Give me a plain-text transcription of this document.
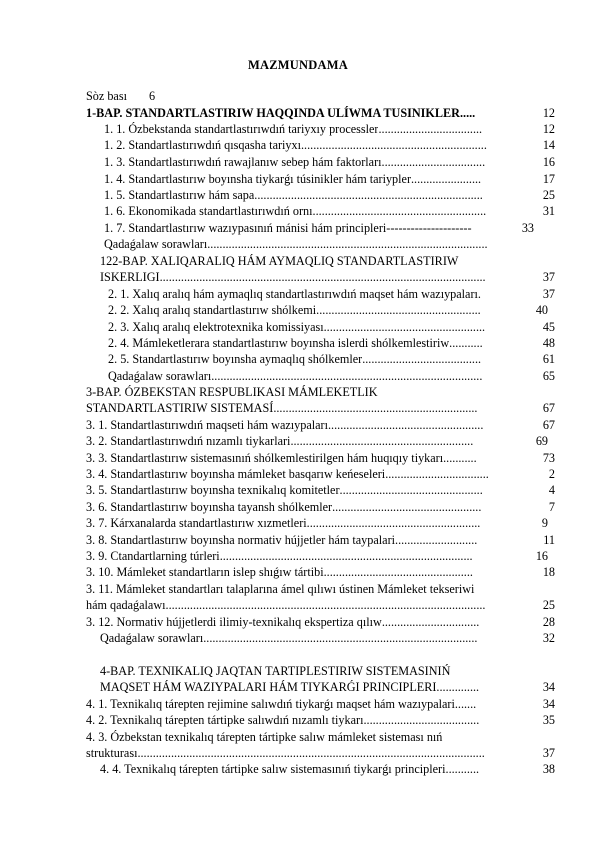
MAZMUNDAMA
Sòz bası 6
1-BAP. STANDARTLASTIRIW HAQQINDA ULÍWMA TUSINIKLER .....	12
1. 1. Ózbekstanda standartlastırıwdıń tariyxıy processler ..................................	12
1. 2. Standartlastırıwdıń qısqasha tariyxı .............................................................	14
1. 3. Standartlastırıwdıń rawajlanıw sebep hám faktorları ..................................	16
1. 4. Standartlastırıw boyınsha tiykarǵı túsinikler hám tariypler .......................	17
1. 5. Standartlastırıw hám sapa ...........................................................................	25
1. 6. Ekonomikada standartlastırıwdıń ornı .........................................................	31
1. 7. Standartlastırıw wazıypasınıń mánisi hám principleri ---------------------	33
Qadaǵalaw sorawları ............................................................................................
122-BAP. XALIQARALIQ HÁM AYMAQLIQ STANDARTLASTIRIW
ISKERLIGI ...........................................................................................................	37
2. 1. Xalıq aralıq hám aymaqlıq standartlastırıwdıń maqset hám wazıypaları.	37
2. 2. Xalıq aralıq standartlastırıw shólkemi ......................................................	40
2. 3. Xalıq aralıq elektrotexnika komissiyası .....................................................	45
2. 4. Mámleketlerara standartlastırıw boyınsha islerdi shólkemlestiriw ...........	48
2. 5. Standartlastırıw boyınsha aymaqlıq shólkemler .......................................	61
Qadaǵalaw sorawları .........................................................................................	65
3-BAP. ÓZBEKSTAN RESPUBLIKASI MÁMLEKETLIK
STANDARTLASTIRIW SISTEMASÍ ...................................................................	67
3. 1. Standartlastırıwdıń maqseti hám wazıypaları ...................................................	67
3. 2. Standartlastırıwdıń nızamlı tiykarlari ............................................................	69
3. 3. Standartlastırıw sistemasınıń shólkemlestirilgen hám huqıqıy tiykarı ...........	73
3. 4. Standartlastırıw boyınsha mámleket basqarıw keńeseleri ..................................	2
3. 5. Standartlastırıw boyınsha texnikalıq komitetler ...............................................	4
3. 6. Standartlastırıw boyınsha tayansh shólkemler .................................................	7
3. 7. Kárxanalarda standartlastırıw xızmetleri .........................................................	9
3. 8. Standartlastırıw boyınsha normativ hújjetler hám taypalari ...........................	11
3. 9. Ctandartlarning túrleri ...................................................................................	16
3. 10. Mámleket standartların islep shıǵıw tártibi .................................................	18
3. 11. Mámleket standartları talaplarına ámel qılıwı ústinen Mámleket tekseriwi
hám qadaǵalawı .........................................................................................................	25
3. 12. Normativ hújjetlerdi ilimiy-texnikalıq ekspertiza qılıw ................................	28
Qadaǵalaw sorawları ..........................................................................................	32
4-BAP. TEXNIKALIQ JAQTAN TARTIPLESTIRIW SISTEMASINIŃ
MAQSET HÁM WAZIYPALARI HÁM TIYKARǴI PRINCIPLERI ..............	34
4. 1. Texnikalıq tárepten rejimine salıwdıń tiykarǵı maqset hám wazıypalari .......	34
4. 2. Texnikalıq tárepten tártipke salıwdıń nızamlı tiykarı ......................................	35
4. 3. Ózbekstan texnikalıq tárepten tártipke salıw mámleket sisteması nıń
strukturası ..................................................................................................................	37
4. 4. Texnikalıq tárepten tártipke salıw sistemasınıń tiykarǵı principleri ...........	38
